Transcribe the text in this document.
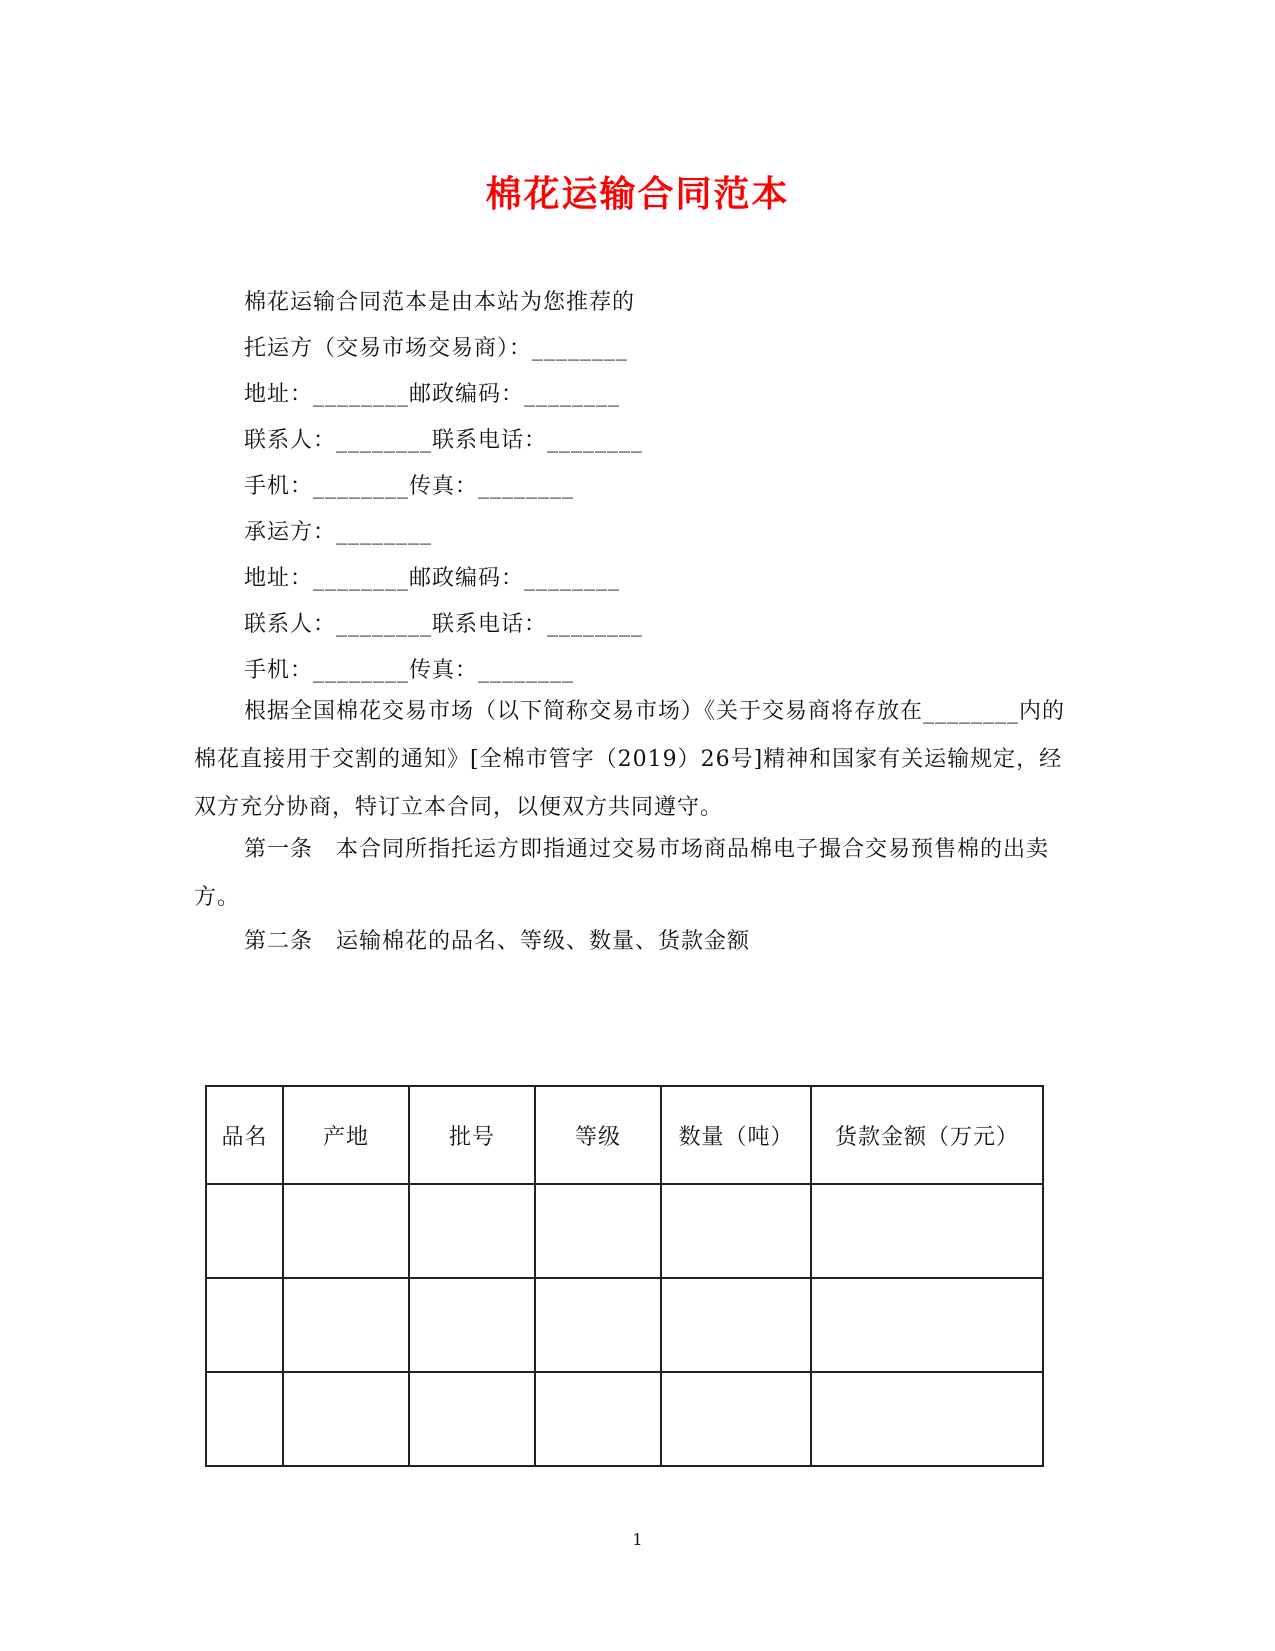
棉花运输合同范本
棉花运输合同范本是由本站为您推荐的
托运方（交易市场交易商）：________
地址：________邮政编码：________
联系人：________联系电话：________
手机：________传真：________
承运方：________
地址：________邮政编码：________
联系人：________联系电话：________
手机：________传真：________
根据全国棉花交易市场（以下简称交易市场）《关于交易商将存放在________内的棉花直接用于交割的通知》[全棉市管字（2019）26号]精神和国家有关运输规定，经双方充分协商，特订立本合同，以便双方共同遵守。
第一条　本合同所指托运方即指通过交易市场商品棉电子撮合交易预售棉的出卖方。
第二条　运输棉花的品名、等级、数量、货款金额
品名	产地	批号	等级	数量（吨）	货款金额（万元）

1
